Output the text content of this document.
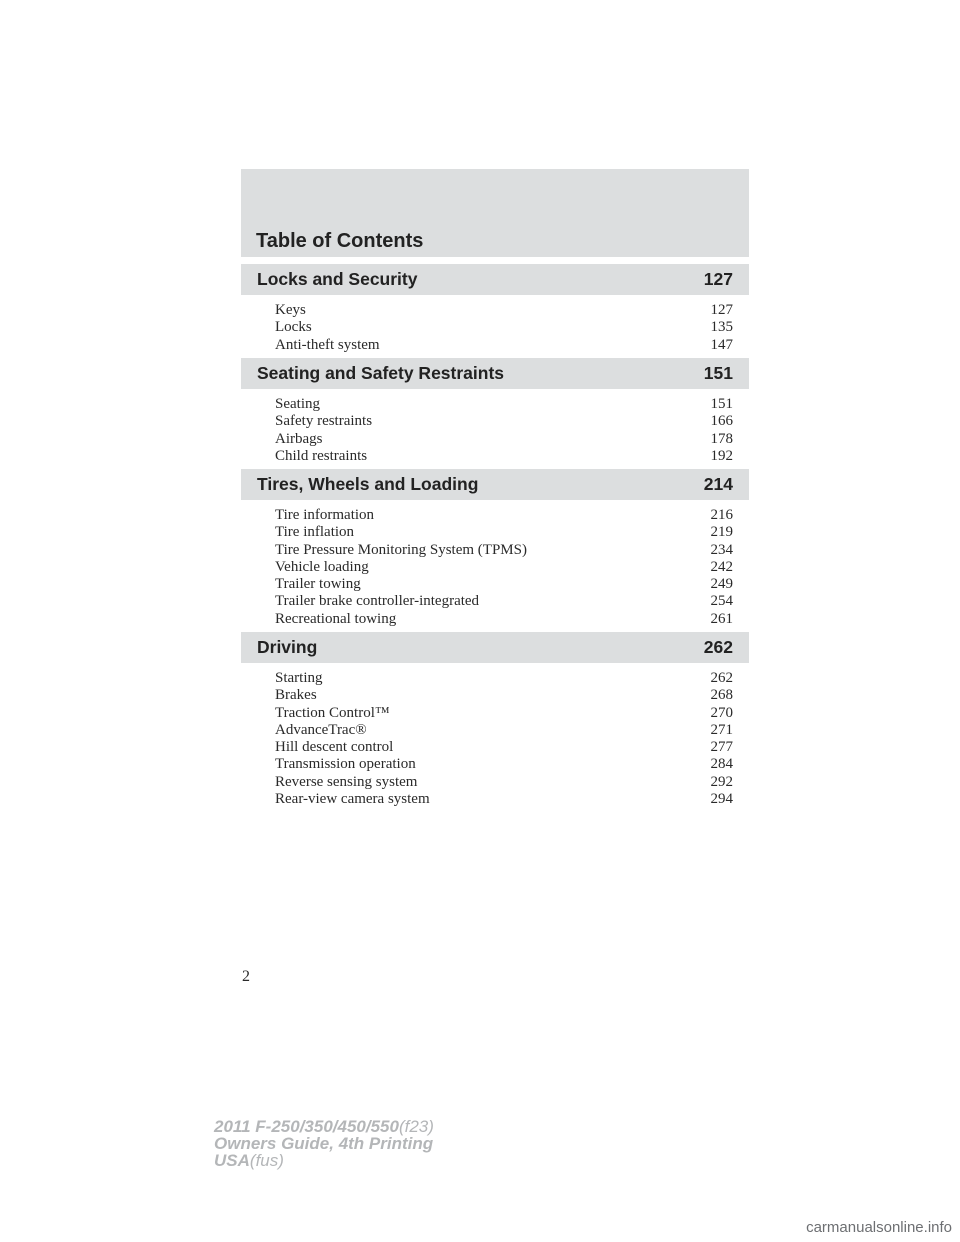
Table of Contents
Locks and Security	127
Keys	127
Locks	135
Anti-theft system	147
Seating and Safety Restraints	151
Seating	151
Safety restraints	166
Airbags	178
Child restraints	192
Tires, Wheels and Loading	214
Tire information	216
Tire inflation	219
Tire Pressure Monitoring System (TPMS)	234
Vehicle loading	242
Trailer towing	249
Trailer brake controller-integrated	254
Recreational towing	261
Driving	262
Starting	262
Brakes	268
Traction Control™	270
AdvanceTrac®	271
Hill descent control	277
Transmission operation	284
Reverse sensing system	292
Rear-view camera system	294
2
2011 F-250/350/450/550(f23)
Owners Guide, 4th Printing
USA(fus)
carmanualsonline.info
